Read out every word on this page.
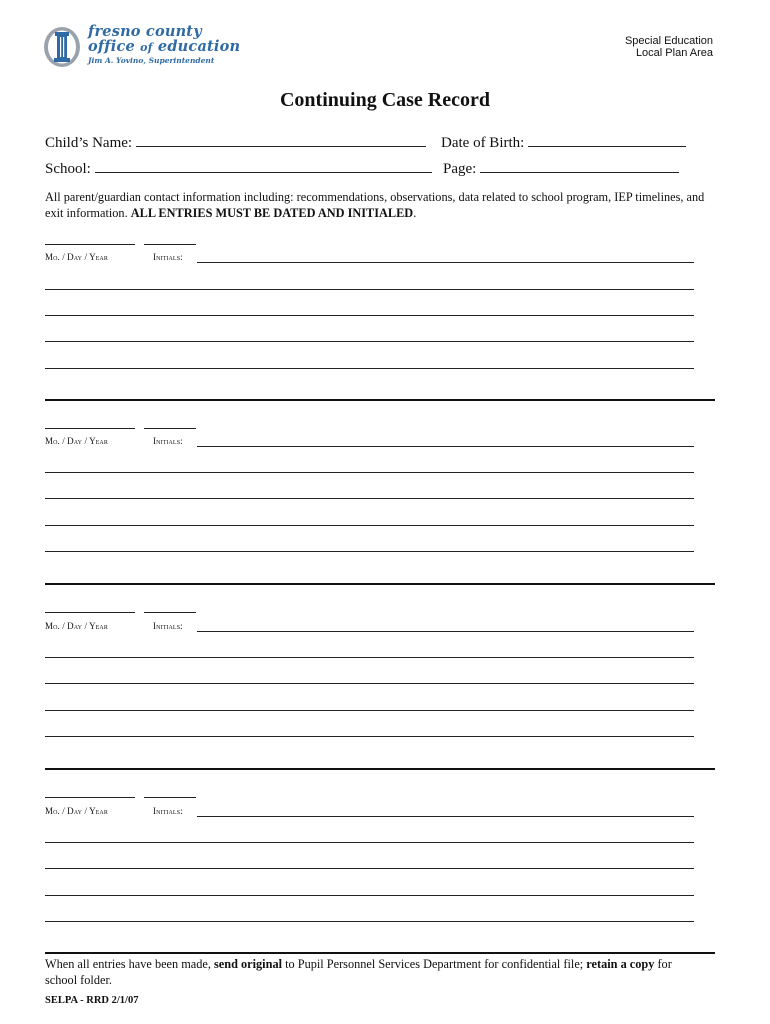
fresno county
office of education
Jim A. Yovino, Superintendent
Special Education
Local Plan Area
Continuing Case Record
Child’s Name:	Date of Birth:
School:	Page:
All parent/guardian contact information including: recommendations, observations, data related to school program, IEP timelines, and exit information. ALL ENTRIES MUST BE DATED AND INITIALED.
Mo. / Day / Year	Initials:
Mo. / Day / Year	Initials:
Mo. / Day / Year	Initials:
Mo. / Day / Year	Initials:
When all entries have been made, send original to Pupil Personnel Services Department for confidential file; retain a copy for school folder.
SELPA - RRD 2/1/07
